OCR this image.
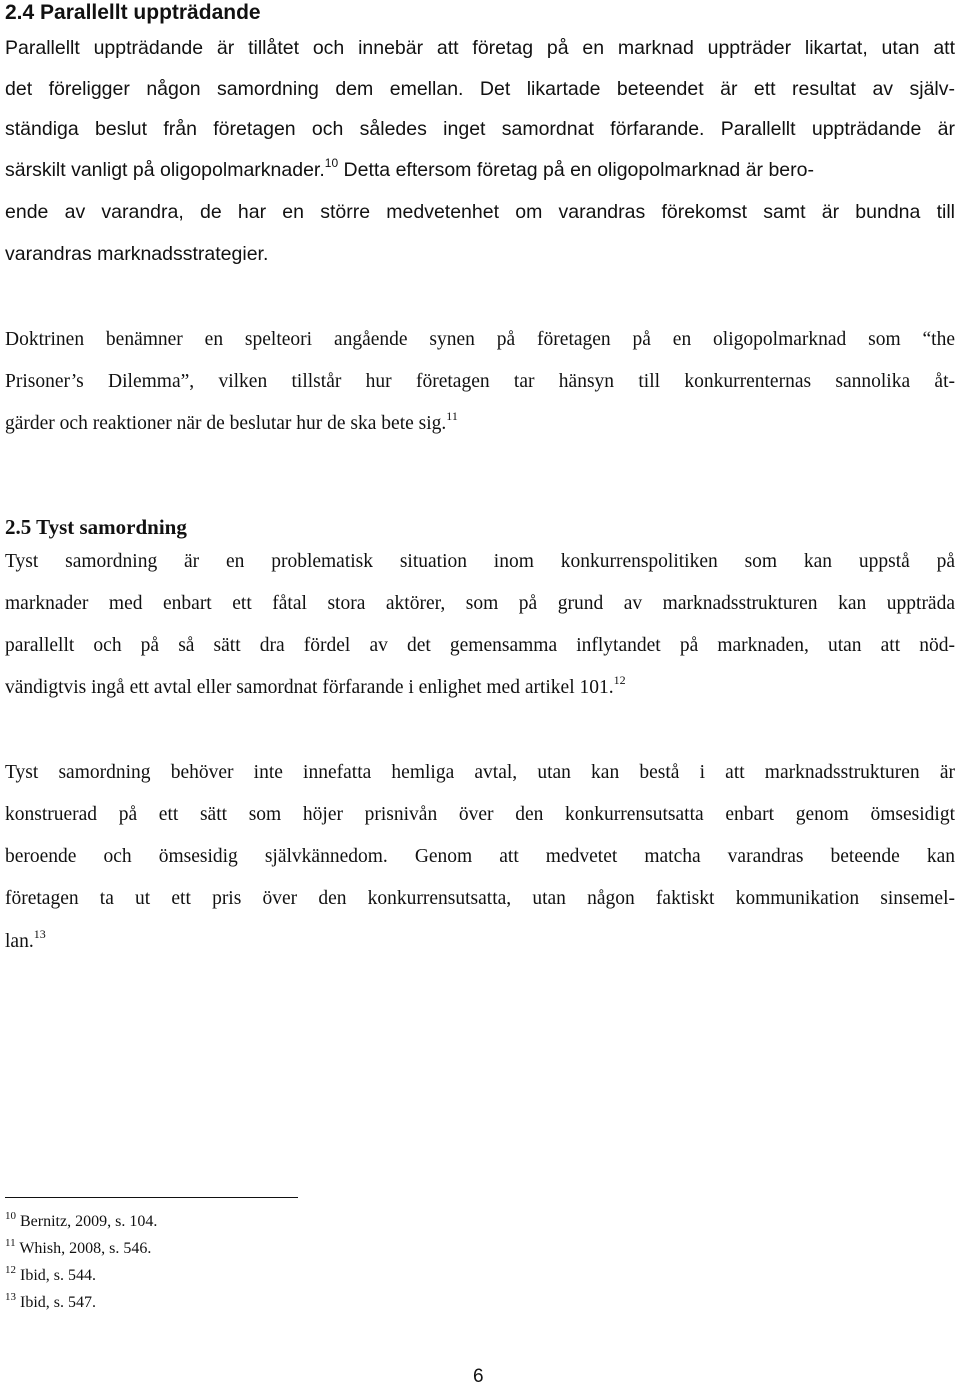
2.4 Parallellt uppträdande
Parallellt uppträdande är tillåtet och innebär att företag på en marknad uppträder likartat, utan att
det föreligger någon samordning dem emellan. Det likartade beteendet är ett resultat av själv-
ständiga beslut från företagen och således inget samordnat förfarande. Parallellt uppträdande är
särskilt vanligt på oligopolmarknader.$^{10}$ Detta eftersom företag på en oligopolmarknad är bero-
ende av varandra, de har en större medvetenhet om varandras förekomst samt är bundna till
varandras marknadsstrategier.
Doktrinen benämner en spelteori angående synen på företagen på en oligopolmarknad som “the
Prisoner’s Dilemma”, vilken tillstår hur företagen tar hänsyn till konkurrenternas sannolika åt-
gärder och reaktioner när de beslutar hur de ska bete sig.$^{11}$
2.5 Tyst samordning
Tyst samordning är en problematisk situation inom konkurrenspolitiken som kan uppstå på
marknader med enbart ett fåtal stora aktörer, som på grund av marknadsstrukturen kan uppträda
parallellt och på så sätt dra fördel av det gemensamma inflytandet på marknaden, utan att nöd-
vändigtvis ingå ett avtal eller samordnat förfarande i enlighet med artikel 101.12
Tyst samordning behöver inte innefatta hemliga avtal, utan kan bestå i att marknadsstrukturen är
konstruerad på ett sätt som höjer prisnivån över den konkurrensutsatta enbart genom ömsesidigt
beroende och ömsesidig självkännedom. Genom att medvetet matcha varandras beteende kan
företagen ta ut ett pris över den konkurrensutsatta, utan någon faktiskt kommunikation sinsemel-
lan.$^{13}$
$^{10}$ Bernitz, 2009, s. 104.
$^{11}$ Whish, 2008, s. 546.
$^{12}$ Ibid, s. 544.
$^{13}$ Ibid, s. 547.
6
